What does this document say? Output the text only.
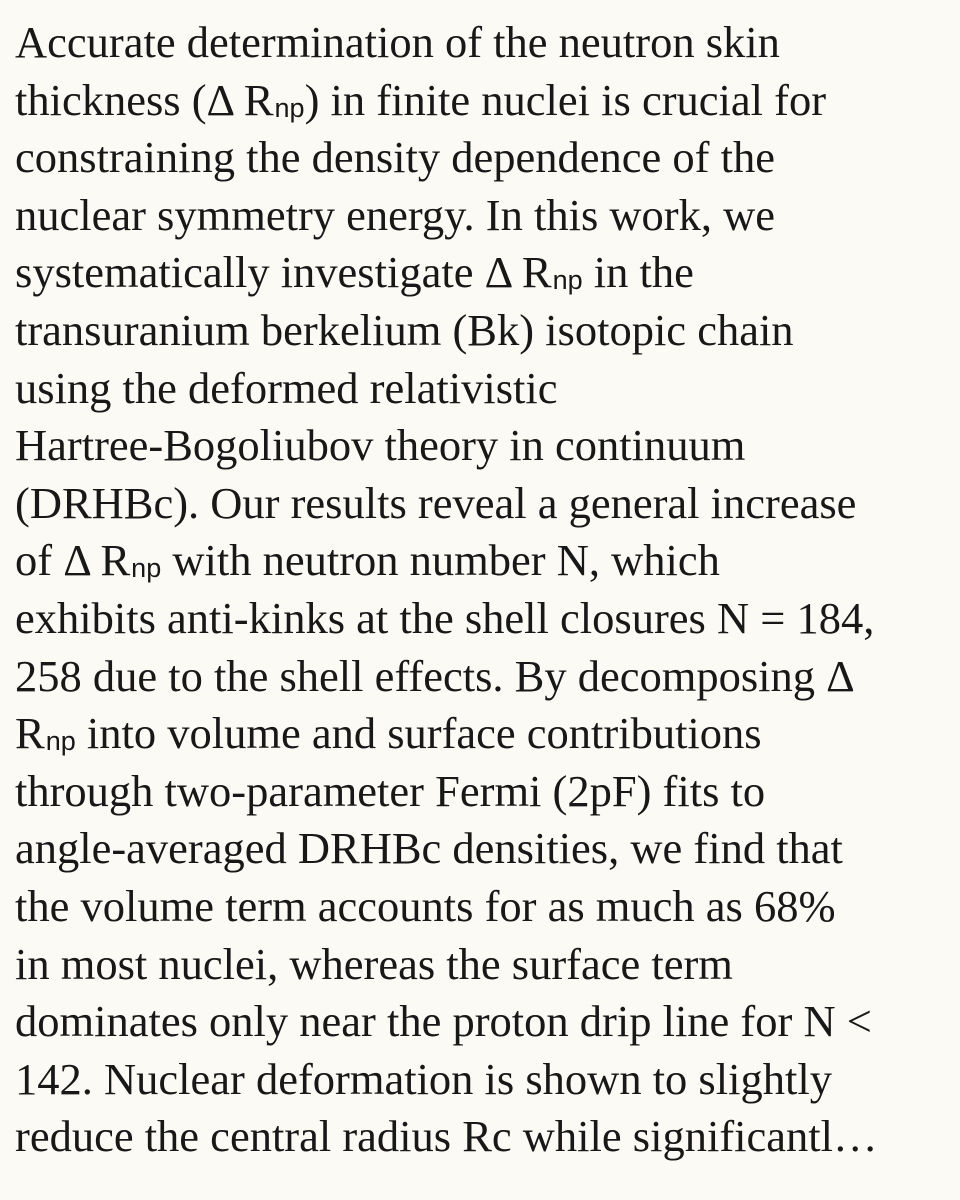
Accurate determination of the neutron skin
thickness (Δ Rnp) in finite nuclei is crucial for
constraining the density dependence of the
nuclear symmetry energy. In this work, we
systematically investigate Δ Rnp in the
transuranium berkelium (Bk) isotopic chain
using the deformed relativistic
Hartree-Bogoliubov theory in continuum
(DRHBc). Our results reveal a general increase
of Δ Rnp with neutron number N, which
exhibits anti-kinks at the shell closures N = 184,
258 due to the shell effects. By decomposing Δ
Rnp into volume and surface contributions
through two-parameter Fermi (2pF) fits to
angle-averaged DRHBc densities, we find that
the volume term accounts for as much as 68%
in most nuclei, whereas the surface term
dominates only near the proton drip line for N <
142. Nuclear deformation is shown to slightly
reduce the central radius Rc while significantl…
